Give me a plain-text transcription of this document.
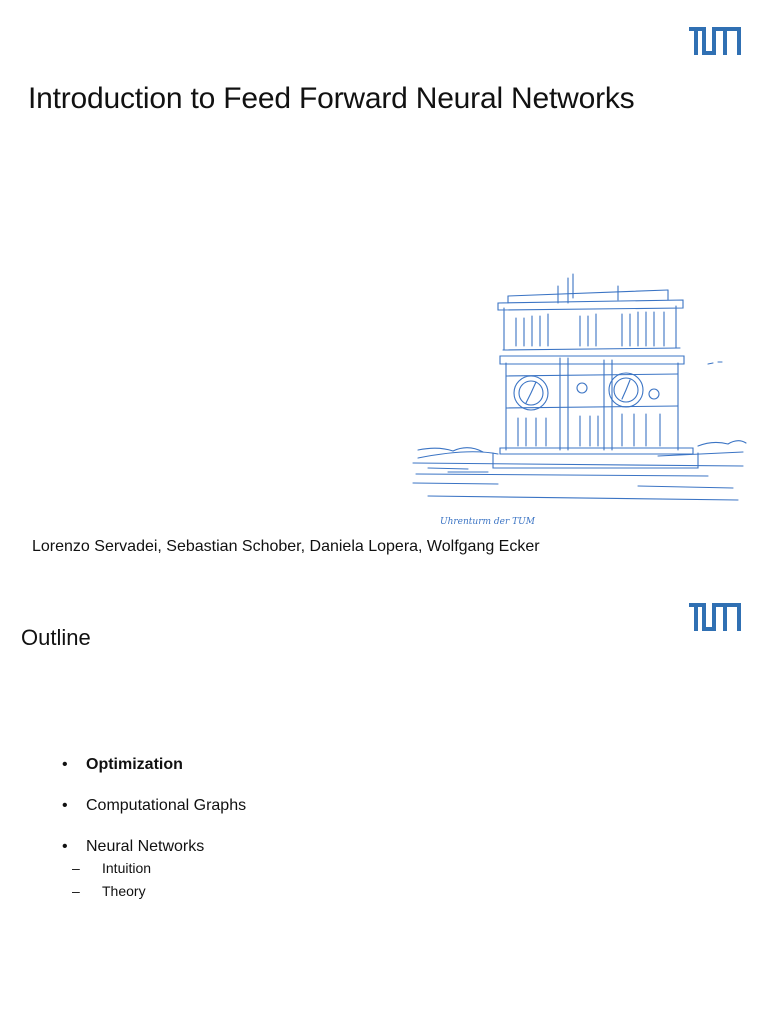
Introduction to Feed Forward Neural Networks
Uhrenturm der TUM
Lorenzo Servadei, Sebastian Schober, Daniela Lopera, Wolfgang Ecker
Outline
• Optimization
• Computational Graphs
• Neural Networks
– Intuition
– Theory
